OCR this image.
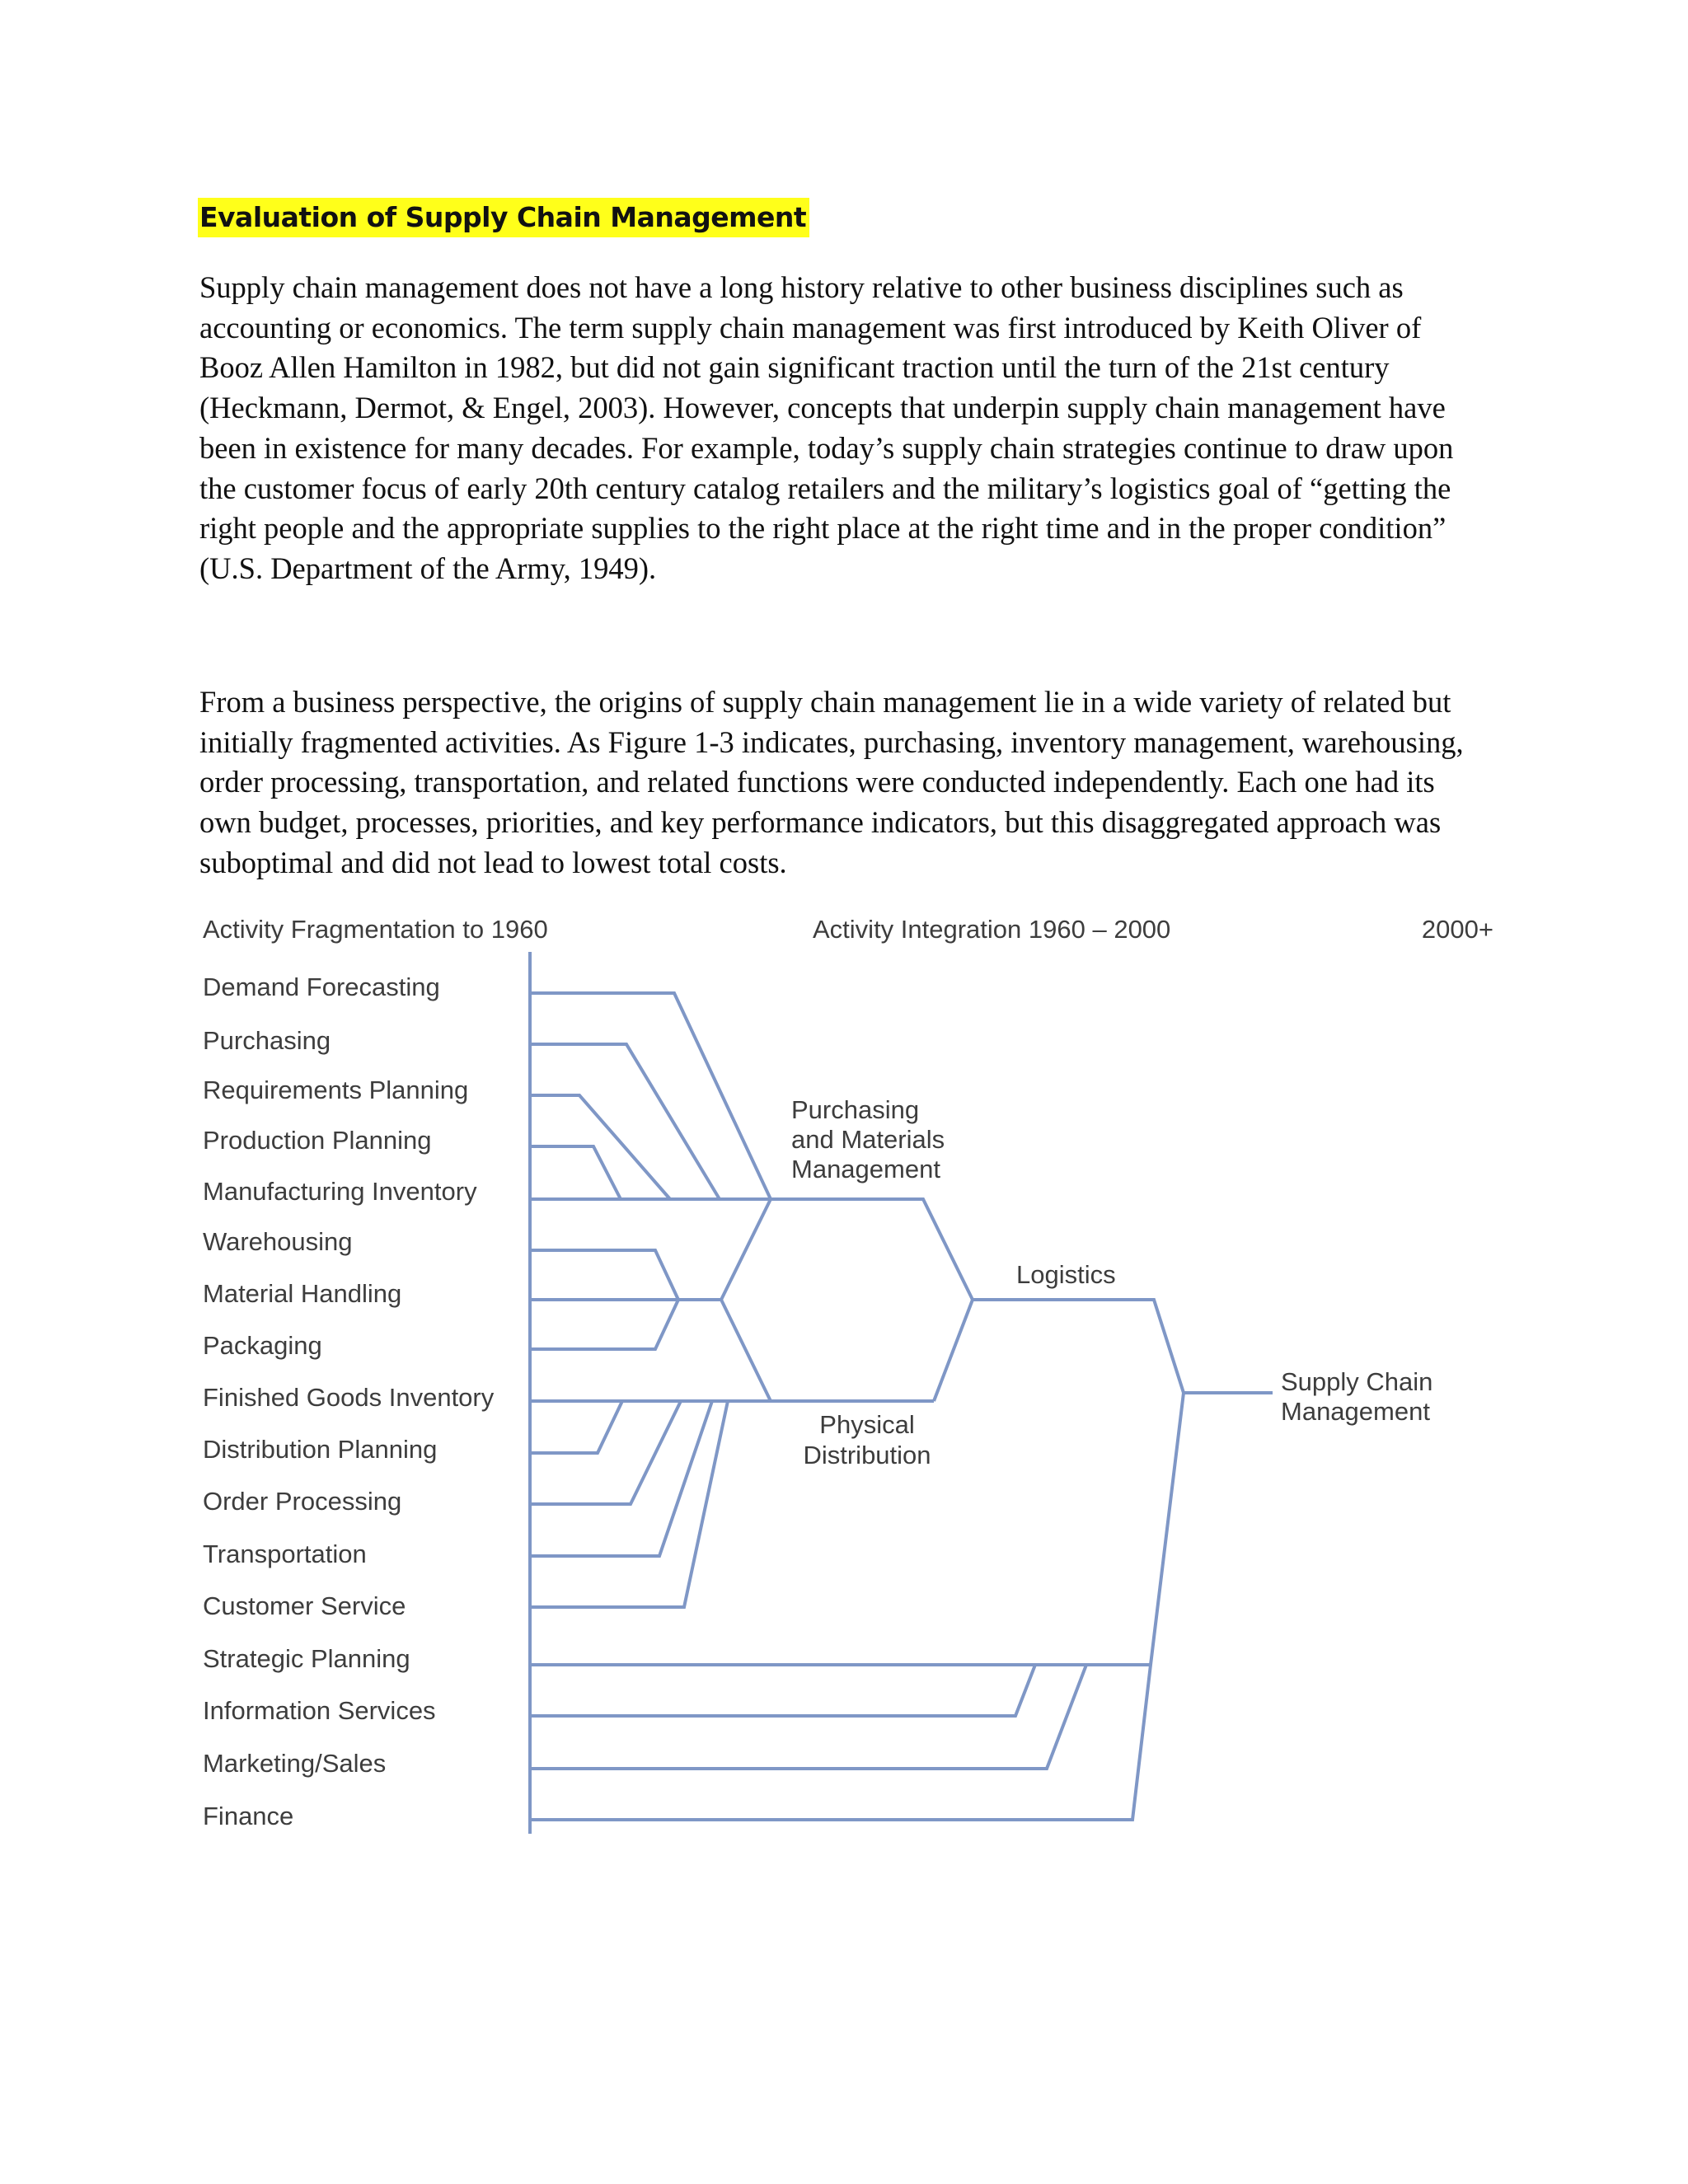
Evaluation of Supply Chain Management

Supply chain management does not have a long history relative to other business disciplines such as accounting or economics. The term supply chain management was first introduced by Keith Oliver of Booz Allen Hamilton in 1982, but did not gain significant traction until the turn of the 21st century (Heckmann, Dermot, & Engel, 2003). However, concepts that underpin supply chain management have been in existence for many decades. For example, today’s supply chain strategies continue to draw upon the customer focus of early 20th century catalog retailers and the military’s logistics goal of “getting the right people and the appropriate supplies to the right place at the right time and in the proper condition” (U.S. Department of the Army, 1949).

From a business perspective, the origins of supply chain management lie in a wide variety of related but initially fragmented activities. As Figure 1-3 indicates, purchasing, inventory management, warehousing, order processing, transportation, and related functions were conducted independently. Each one had its own budget, processes, priorities, and key performance indicators, but this disaggregated approach was suboptimal and did not lead to lowest total costs.

Activity Fragmentation to 1960	Activity Integration 1960 – 2000	2000+
Demand Forecasting
Purchasing
Requirements Planning
Production Planning
Manufacturing Inventory
Warehousing
Material Handling
Packaging
Finished Goods Inventory
Distribution Planning
Order Processing
Transportation
Customer Service
Strategic Planning
Information Services
Marketing/Sales
Finance
Purchasing
and Materials
Management
Logistics
Physical
Distribution
Supply Chain
Management
